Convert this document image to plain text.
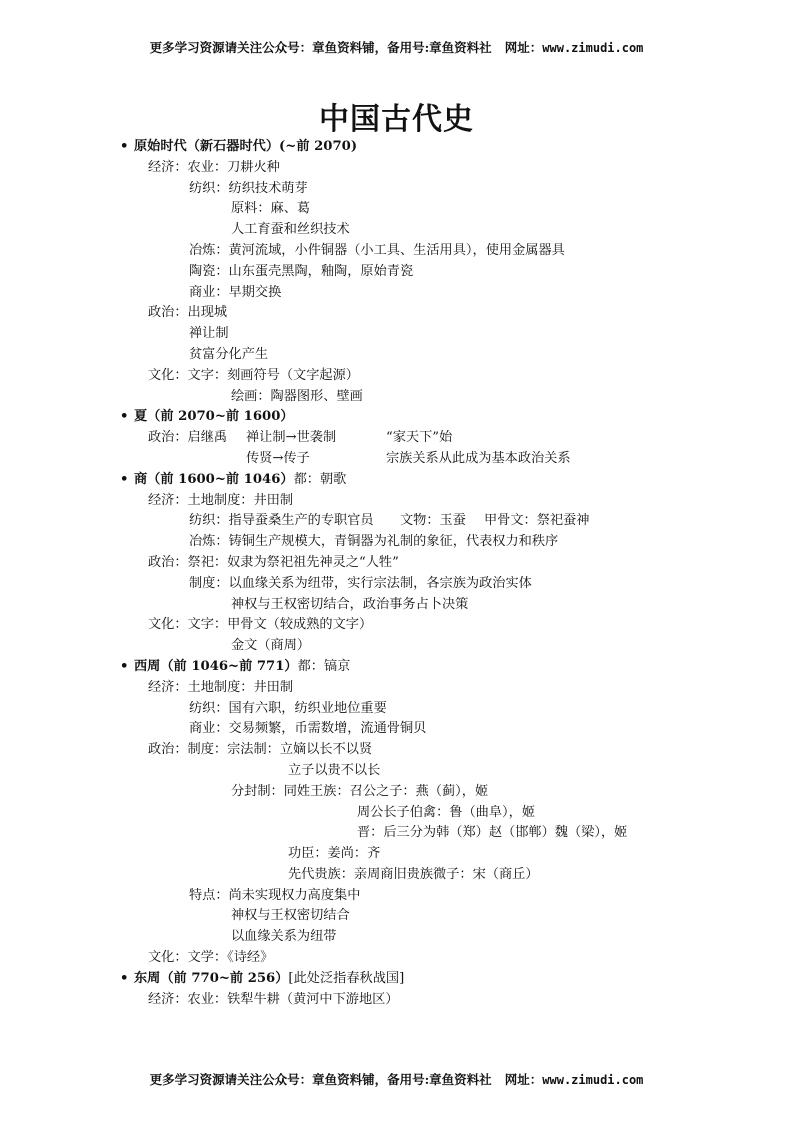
更多学习资源请关注公众号：章鱼资料铺，备用号:章鱼资料社 网址：www.zimudi.com
中国古代史
• 原始时代（新石器时代）(~前 2070)
经济：农业：刀耕火种
纺织：纺织技术萌芽
原料：麻、葛
人工育蚕和丝织技术
冶炼：黄河流域，小件铜器（小工具、生活用具），使用金属器具
陶瓷：山东蛋壳黑陶，釉陶，原始青瓷
商业：早期交换
政治：出现城
禅让制
贫富分化产生
文化：文字：刻画符号（文字起源）
绘画：陶器图形、壁画
• 夏（前 2070~前 1600）
政治：启继禹 禅让制→世袭制	“家天下”始
传贤→传子	宗族关系从此成为基本政治关系
• 商（前 1600~前 1046）都：朝歌
经济：土地制度：井田制
纺织：指导蚕桑生产的专职官员 文物：玉蚕 甲骨文：祭祀蚕神
冶炼：铸铜生产规模大，青铜器为礼制的象征，代表权力和秩序
政治：祭祀：奴隶为祭祀祖先神灵之“人牲”
制度：以血缘关系为纽带，实行宗法制，各宗族为政治实体
神权与王权密切结合，政治事务占卜决策
文化：文字：甲骨文（较成熟的文字）
金文（商周）
• 西周（前 1046~前 771）都：镐京
经济：土地制度：井田制
纺织：国有六职，纺织业地位重要
商业：交易频繁，币需数增，流通骨铜贝
政治：制度：宗法制：立嫡以长不以贤
立子以贵不以长
分封制：同姓王族：召公之子：燕（蓟），姬
周公长子伯禽：鲁（曲阜），姬
晋：后三分为韩（郑）赵（邯郸）魏（梁），姬
功臣：姜尚：齐
先代贵族：亲周商旧贵族微子：宋（商丘）
特点：尚未实现权力高度集中
神权与王权密切结合
以血缘关系为纽带
文化：文学：《诗经》
• 东周（前 770~前 256）[此处泛指春秋战国]
经济：农业：铁犁牛耕（黄河中下游地区）
更多学习资源请关注公众号：章鱼资料铺，备用号:章鱼资料社 网址：www.zimudi.com
